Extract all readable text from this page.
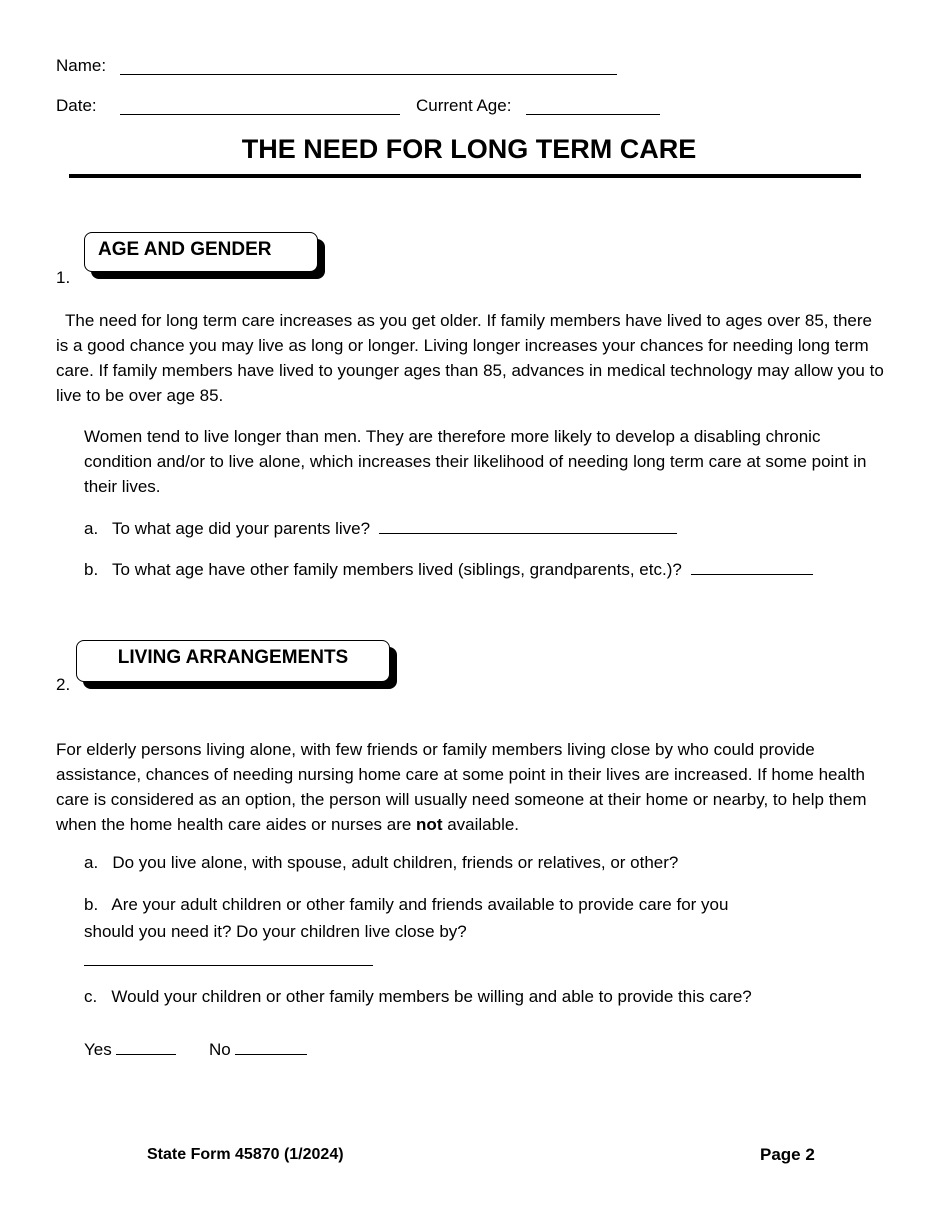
Name:
Date:	Current Age:
THE NEED FOR LONG TERM CARE
1.
AGE AND GENDER
The need for long term care increases as you get older. If family members have lived to ages over 85, there is a good chance you may live as long or longer. Living longer increases your chances for needing long term care. If family members have lived to younger ages than 85, advances in medical technology may allow you to live to be over age 85.
Women tend to live longer than men. They are therefore more likely to develop a disabling chronic condition and/or to live alone, which increases their likelihood of needing long term care at some point in their lives.
a.   To what age did your parents live?
b.   To what age have other family members lived (siblings, grandparents, etc.)?
2.
LIVING ARRANGEMENTS
For elderly persons living alone, with few friends or family members living close by who could provide assistance, chances of needing nursing home care at some point in their lives are increased. If home health care is considered as an option, the person will usually need someone at their home or nearby, to help them when the home health care aides or nurses are not available.
a.   Do you live alone, with spouse, adult children, friends or relatives, or other?
b.   Are your adult children or other family and friends available to provide care for you
should you need it? Do your children live close by?
c.   Would your children or other family members be willing and able to provide this care?
Yes	No
State Form 45870 (1/2024)	Page 2
